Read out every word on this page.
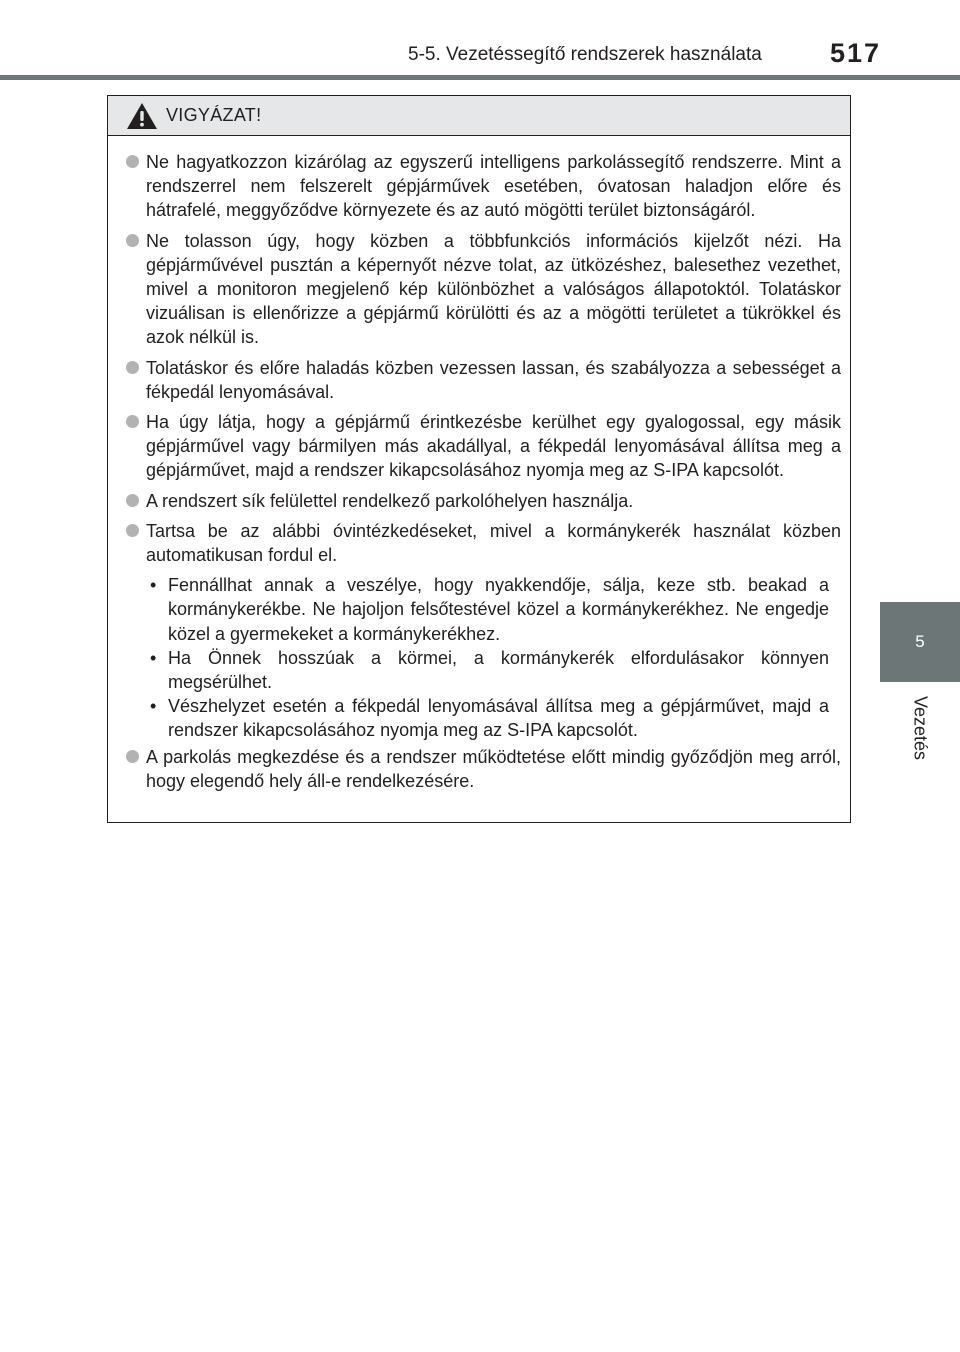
5-5. Vezetéssegítő rendszerek használata	517
5
Vezetés
VIGYÁZAT!
Ne hagyatkozzon kizárólag az egyszerű intelligens parkolássegítő rendszerre. Mint a rendszerrel nem felszerelt gépjárművek esetében, óvatosan haladjon előre és hátrafelé, meggyőződve környezete és az autó mögötti terület biztonságáról.
Ne tolasson úgy, hogy közben a többfunkciós információs kijelzőt nézi. Ha gépjárművével pusztán a képernyőt nézve tolat, az ütközéshez, balesethez vezethet, mivel a monitoron megjelenő kép különbözhet a valóságos állapotoktól. Tolatáskor vizuálisan is ellenőrizze a gépjármű körülötti és az a mögötti területet a tükrökkel és azok nélkül is.
Tolatáskor és előre haladás közben vezessen lassan, és szabályozza a sebességet a fékpedál lenyomásával.
Ha úgy látja, hogy a gépjármű érintkezésbe kerülhet egy gyalogossal, egy másik gépjárművel vagy bármilyen más akadállyal, a fékpedál lenyomásával állítsa meg a gépjárművet, majd a rendszer kikapcsolásához nyomja meg az S-IPA kapcsolót.
A rendszert sík felülettel rendelkező parkolóhelyen használja.
Tartsa be az alábbi óvintézkedéseket, mivel a kormánykerék használat közben automatikusan fordul el.
• Fennállhat annak a veszélye, hogy nyakkendője, sálja, keze stb. beakad a kormánykerékbe. Ne hajoljon felsőtestével közel a kormánykerékhez. Ne engedje közel a gyermekeket a kormánykerékhez.
• Ha Önnek hosszúak a körmei, a kormánykerék elfordulásakor könnyen megsérülhet.
• Vészhelyzet esetén a fékpedál lenyomásával állítsa meg a gépjárművet, majd a rendszer kikapcsolásához nyomja meg az S-IPA kapcsolót.
A parkolás megkezdése és a rendszer működtetése előtt mindig győződjön meg arról, hogy elegendő hely áll-e rendelkezésére.
